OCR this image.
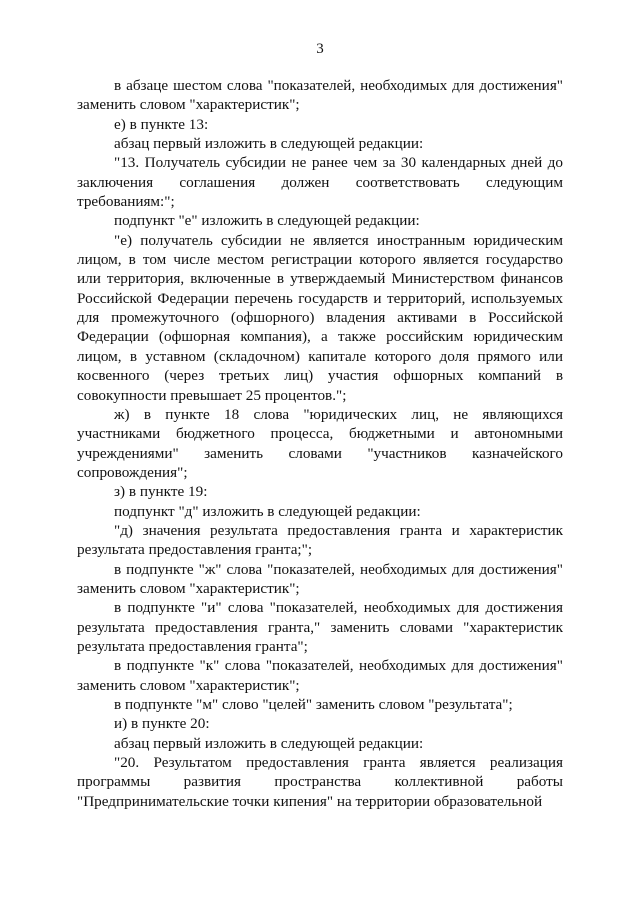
3

в абзаце шестом слова "показателей, необходимых для достижения" заменить словом "характеристик";

е) в пункте 13:

абзац первый изложить в следующей редакции:

"13. Получатель субсидии не ранее чем за 30 календарных дней до заключения соглашения должен соответствовать следующим требованиям:";

подпункт "е" изложить в следующей редакции:

"е) получатель субсидии не является иностранным юридическим лицом, в том числе местом регистрации которого является государство или территория, включенные в утверждаемый Министерством финансов Российской Федерации перечень государств и территорий, используемых для промежуточного (офшорного) владения активами в Российской Федерации (офшорная компания), а также российским юридическим лицом, в уставном (складочном) капитале которого доля прямого или косвенного (через третьих лиц) участия офшорных компаний в совокупности превышает 25 процентов.";

ж) в пункте 18 слова "юридических лиц, не являющихся участниками бюджетного процесса, бюджетными и автономными учреждениями" заменить словами "участников казначейского сопровождения";

з) в пункте 19:

подпункт "д" изложить в следующей редакции:

"д) значения результата предоставления гранта и характеристик результата предоставления гранта;";

в подпункте "ж" слова "показателей, необходимых для достижения" заменить словом "характеристик";

в подпункте "и" слова "показателей, необходимых для достижения результата предоставления гранта," заменить словами "характеристик результата предоставления гранта";

в подпункте "к" слова "показателей, необходимых для достижения" заменить словом "характеристик";

в подпункте "м" слово "целей" заменить словом "результата";

и) в пункте 20:

абзац первый изложить в следующей редакции:

"20. Результатом предоставления гранта является реализация программы развития пространства коллективной работы "Предпринимательские точки кипения" на территории образовательной
